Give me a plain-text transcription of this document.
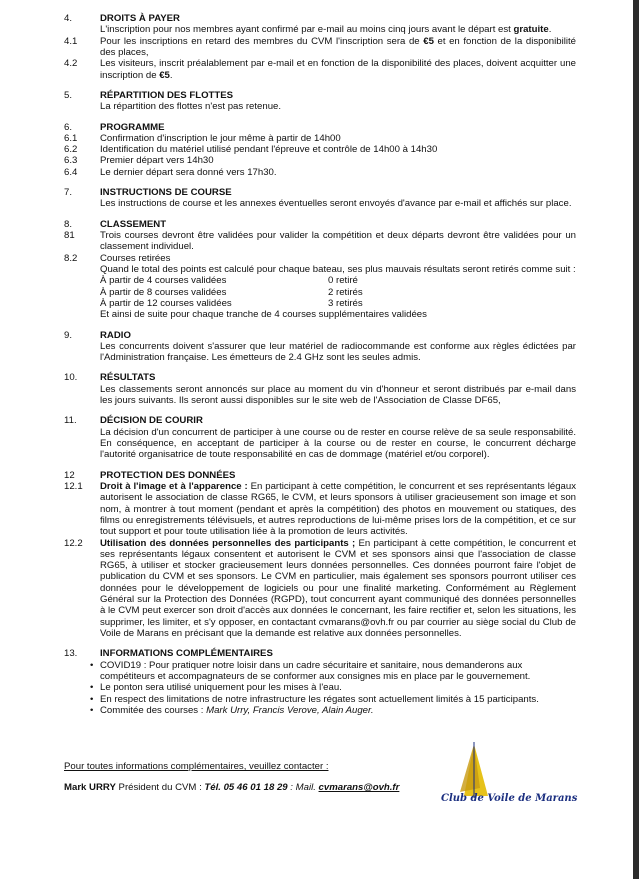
4.	DROITS À PAYER
L'inscription pour nos membres ayant confirmé par e-mail au moins cinq jours avant le départ est gratuite.
4.1	Pour les inscriptions en retard des membres du CVM l'inscription sera de €5 et en fonction de la disponibilité des places,
4.2	Les visiteurs, inscrit préalablement par e-mail et en fonction de la disponibilité des places, doivent acquitter une inscription de €5.
5.	RÉPARTITION DES FLOTTES
La répartition des flottes n'est pas retenue.
6.	PROGRAMME
6.1	Confirmation d'inscription le jour même à partir de 14h00
6.2	Identification du matériel utilisé pendant l'épreuve et contrôle de 14h00 à 14h30
6.3	Premier départ vers 14h30
6.4	Le dernier départ sera donné vers 17h30.
7.	INSTRUCTIONS DE COURSE
Les instructions de course et les annexes éventuelles seront envoyés d'avance par e-mail et affichés sur place.
8.	CLASSEMENT
81	Trois courses devront être validées pour valider la compétition et deux départs devront être validées pour un classement individuel.
8.2	Courses retirées
Quand le total des points est calculé pour chaque bateau, ses plus mauvais résultats seront retirés comme suit :
À partir de 4 courses validées	0 retiré
À partir de 8 courses validées	2 retirés
À partir de 12 courses validées	3 retirés
Et ainsi de suite pour chaque tranche de 4 courses supplémentaires validées
9.	RADIO
Les concurrents doivent s'assurer que leur matériel de radiocommande est conforme aux règles édictées par l'Administration française. Les émetteurs de 2.4 GHz sont les seules admis.
10.	RÉSULTATS
Les classements seront annoncés sur place au moment du vin d'honneur et seront distribués par e-mail dans les jours suivants. Ils seront aussi disponibles sur le site web de l'Association de Classe DF65,
11.	DÉCISION DE COURIR
La décision d'un concurrent de participer à une course ou de rester en course relève de sa seule responsabilité. En conséquence, en acceptant de participer à la course ou de rester en course, le concurrent décharge l'autorité organisatrice de toute responsabilité en cas de dommage (matériel et/ou corporel).
12	PROTECTION DES DONNÉES
12.1	Droit à l'image et à l'apparence : En participant à cette compétition, le concurrent et ses représentants légaux autorisent le association de classe RG65, le CVM, et leurs sponsors à utiliser gracieusement son image et son nom, à montrer à tout moment (pendant et après la compétition) des photos en mouvement ou statiques, des films ou enregistrements télévisuels, et autres reproductions de lui-même prises lors de la compétition, et ce sur tout support et pour toute utilisation liée à la promotion de leurs activités.
12.2	Utilisation des données personnelles des participants ; En participant à cette compétition, le concurrent et ses représentants légaux consentent et autorisent le CVM et ses sponsors ainsi que l'association de classe RG65, à utiliser et stocker gracieusement leurs données personnelles. Ces données pourront faire l'objet de publication du CVM et ses sponsors. Le CVM en particulier, mais également ses sponsors pourront utiliser ces données pour le développement de logiciels ou pour une finalité marketing. Conformément au Règlement Général sur la Protection des Données (RGPD), tout concurrent ayant communiqué des données personnelles à le CVM peut exercer son droit d'accès aux données le concernant, les faire rectifier et, selon les situations, les supprimer, les limiter, et s'y opposer, en contactant cvmarans@ovh.fr ou par courrier au siège social du Club de Voile de Marans en précisant que la demande est relative aux données personnelles.
13.	INFORMATIONS COMPLÉMENTAIRES
• COVID19 : Pour pratiquer notre loisir dans un cadre sécuritaire et sanitaire, nous demanderons aux compétiteurs et accompagnateurs de se conformer aux consignes mis en place par le gouvernement.
• Le ponton sera utilisé uniquement pour les mises à l'eau.
• En respect des limitations de notre infrastructure les régates sont actuellement limités à 15 participants.
• Commitée des courses : Mark Urry, Francis Verove, Alain Auger.
Pour toutes informations complémentaires, veuillez contacter :
Mark URRY Président du CVM : Tél. 05 46 01 18 29 : Mail. cvmarans@ovh.fr
Club de Voile de Marans
